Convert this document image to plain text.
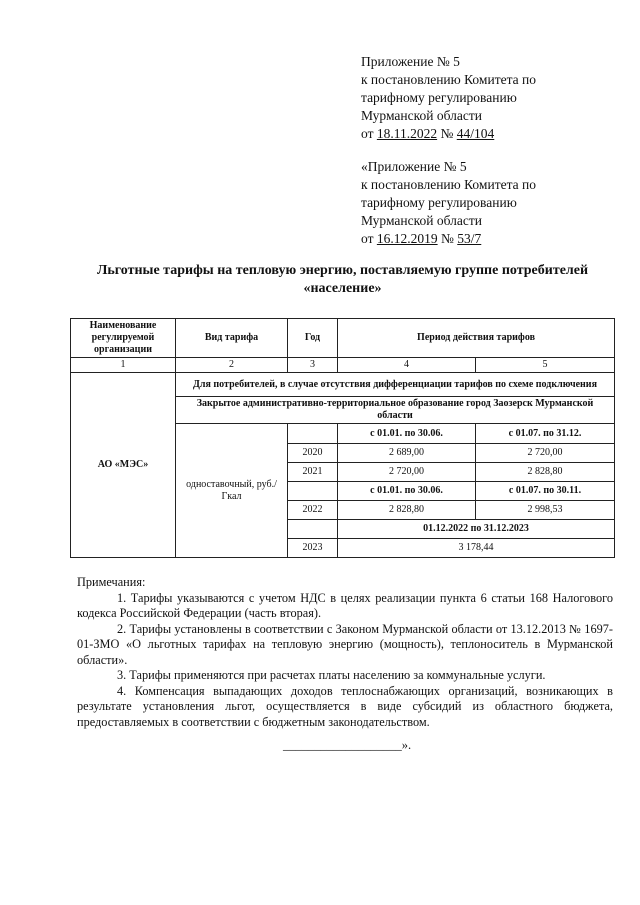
Приложение № 5
к постановлению Комитета по
тарифному регулированию
Мурманской области
от 18.11.2022 № 44/104
«Приложение № 5
к постановлению Комитета по
тарифному регулированию
Мурманской области
от 16.12.2019 № 53/7
Льготные тарифы на тепловую энергию, поставляемую группе потребителей «население»
Наименование регулируемой организации	Вид тарифа	Год	Период действия тарифов	
1	2	3	4	5
АО «МЭС»	Для потребителей, в случае отсутствия дифференциации тарифов по схеме подключения			
	Закрытое административно-территориальное образование город Заозерск Мурманской области			
	одноставочный, руб./Гкал		с 01.01. по 30.06.	с 01.07. по 31.12.
		2020	2 689,00	2 720,00
		2021	2 720,00	2 828,80
			с 01.01. по 30.06.	с 01.07. по 30.11.
		2022	2 828,80	2 998,53
			01.12.2022 по 31.12.2023	
		2023	3 178,44	

Примечания:

1. Тарифы указываются с учетом НДС в целях реализации пункта 6 статьи 168 Налогового кодекса Российской Федерации (часть вторая).

2. Тарифы установлены в соответствии с Законом Мурманской области от 13.12.2013 № 1697-01-ЗМО «О льготных тарифах на тепловую энергию (мощность), теплоноситель в Мурманской области».

3. Тарифы применяются при расчетах платы населению за коммунальные услуги.

4. Компенсация выпадающих доходов теплоснабжающих организаций, возникающих в результате установления льгот, осуществляется в виде субсидий из областного бюджета, предоставляемых в соответствии с бюджетным законодательством.

___________________».
